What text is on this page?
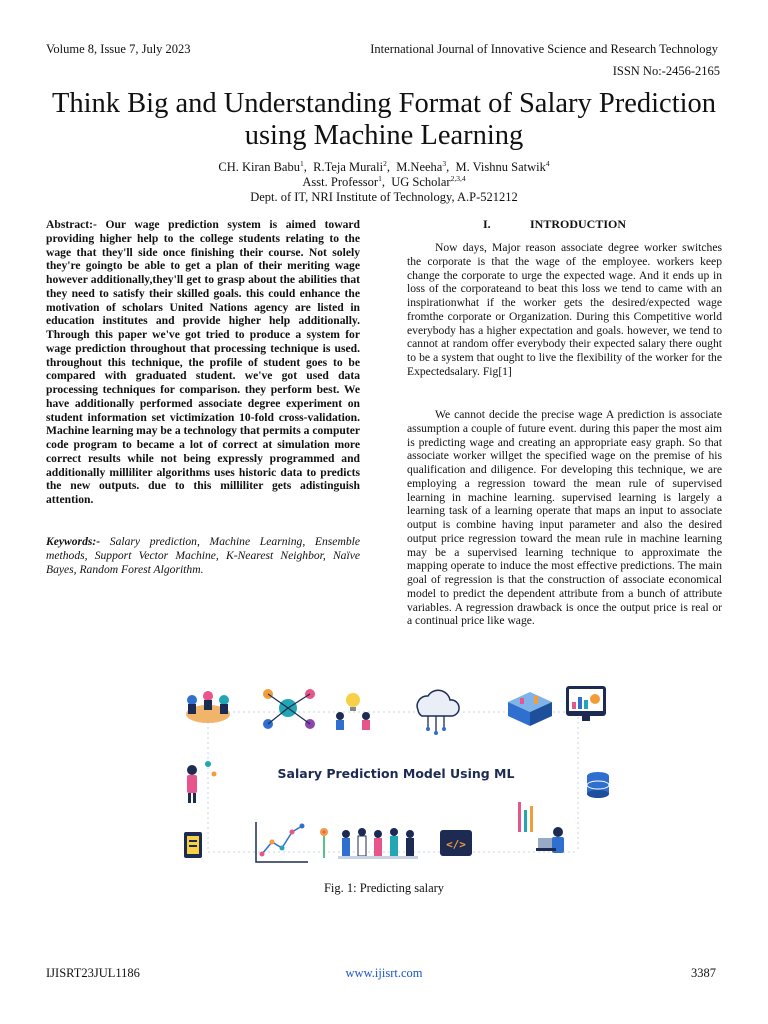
Volume 8, Issue 7, July 2023	International Journal of Innovative Science and Research Technology
ISSN No:-2456-2165
Think Big and Understanding Format of Salary Prediction using Machine Learning
CH. Kiran Babu$^1$,  R.Teja Murali$^2$,  M.Neeha$^3$,  M. Vishnu Satwik$^4$
Asst. Professor$^1$,  UG Scholar$^{2,3,4}$
Dept. of IT, NRI Institute of Technology, A.P-521212

Abstract:- Our wage prediction system is aimed toward providing higher help to the college students relating to the wage that they'll side once finishing their course. Not solely they're goingto be able to get a plan of their meriting wage however additionally,they'll get to grasp about the abilities that they need to satisfy their skilled goals. this could enhance the motivation of scholars United Nations agency are listed in education institutes and provide higher help additionally. Through this paper we've got tried to produce a system for wage prediction throughout that processing technique is used. throughout this technique, the profile of student goes to be compared with graduated student. we've got used data processing techniques for comparison. they perform best. We have additionally performed associate degree experiment on student information set victimization 10-fold cross-validation. Machine learning may be a technology that permits a computer code program to became a lot of correct at simulation more correct results while not being expressly programmed and additionally milliliter algorithms uses historic data to predicts the new outputs. due to this milliliter gets adistinguish attention.

Keywords:- Salary prediction, Machine Learning, Ensemble methods, Support Vector Machine, K-Nearest Neighbor, Naïve Bayes, Random Forest Algorithm.

I.	INTRODUCTION

Now days, Major reason associate degree worker switches the corporate is that the wage of the employee. workers keep change the corporate to urge the expected wage. And it ends up in loss of the corporateand to beat this loss we tend to came with an inspirationwhat if the worker gets the desired/expected wage fromthe corporate or Organization. During this Competitive world everybody has a higher expectation and goals. however, we tend to cannot at random offer everybody their expected salary there ought to be a system that ought to live the flexibility of the worker for the Expectedsalary. Fig[1]

We cannot decide the precise wage A prediction is associate assumption a couple of future event. during this paper the most aim is predicting wage and creating an appropriate easy graph. So that associate worker willget the specified wage on the premise of his qualification and diligence. For developing this technique, we are employing a regression toward the mean rule of supervised learning in machine learning. supervised learning is largely a learning task of a learning operate that maps an input to associate output is combine having input parameter and also the desired output price regression toward the mean rule in machine learning may be a supervised learning technique to approximate the mapping operate to induce the most effective predictions. The main goal of regression is that the construction of associate economical model to predict the dependent attribute from a bunch of attribute variables. A regression drawback is once the output price is real or a continual price like wage.

Salary Prediction Model Using ML
</>
Fig. 1: Predicting salary
IJISRT23JUL1186	www.ijisrt.com	3387
